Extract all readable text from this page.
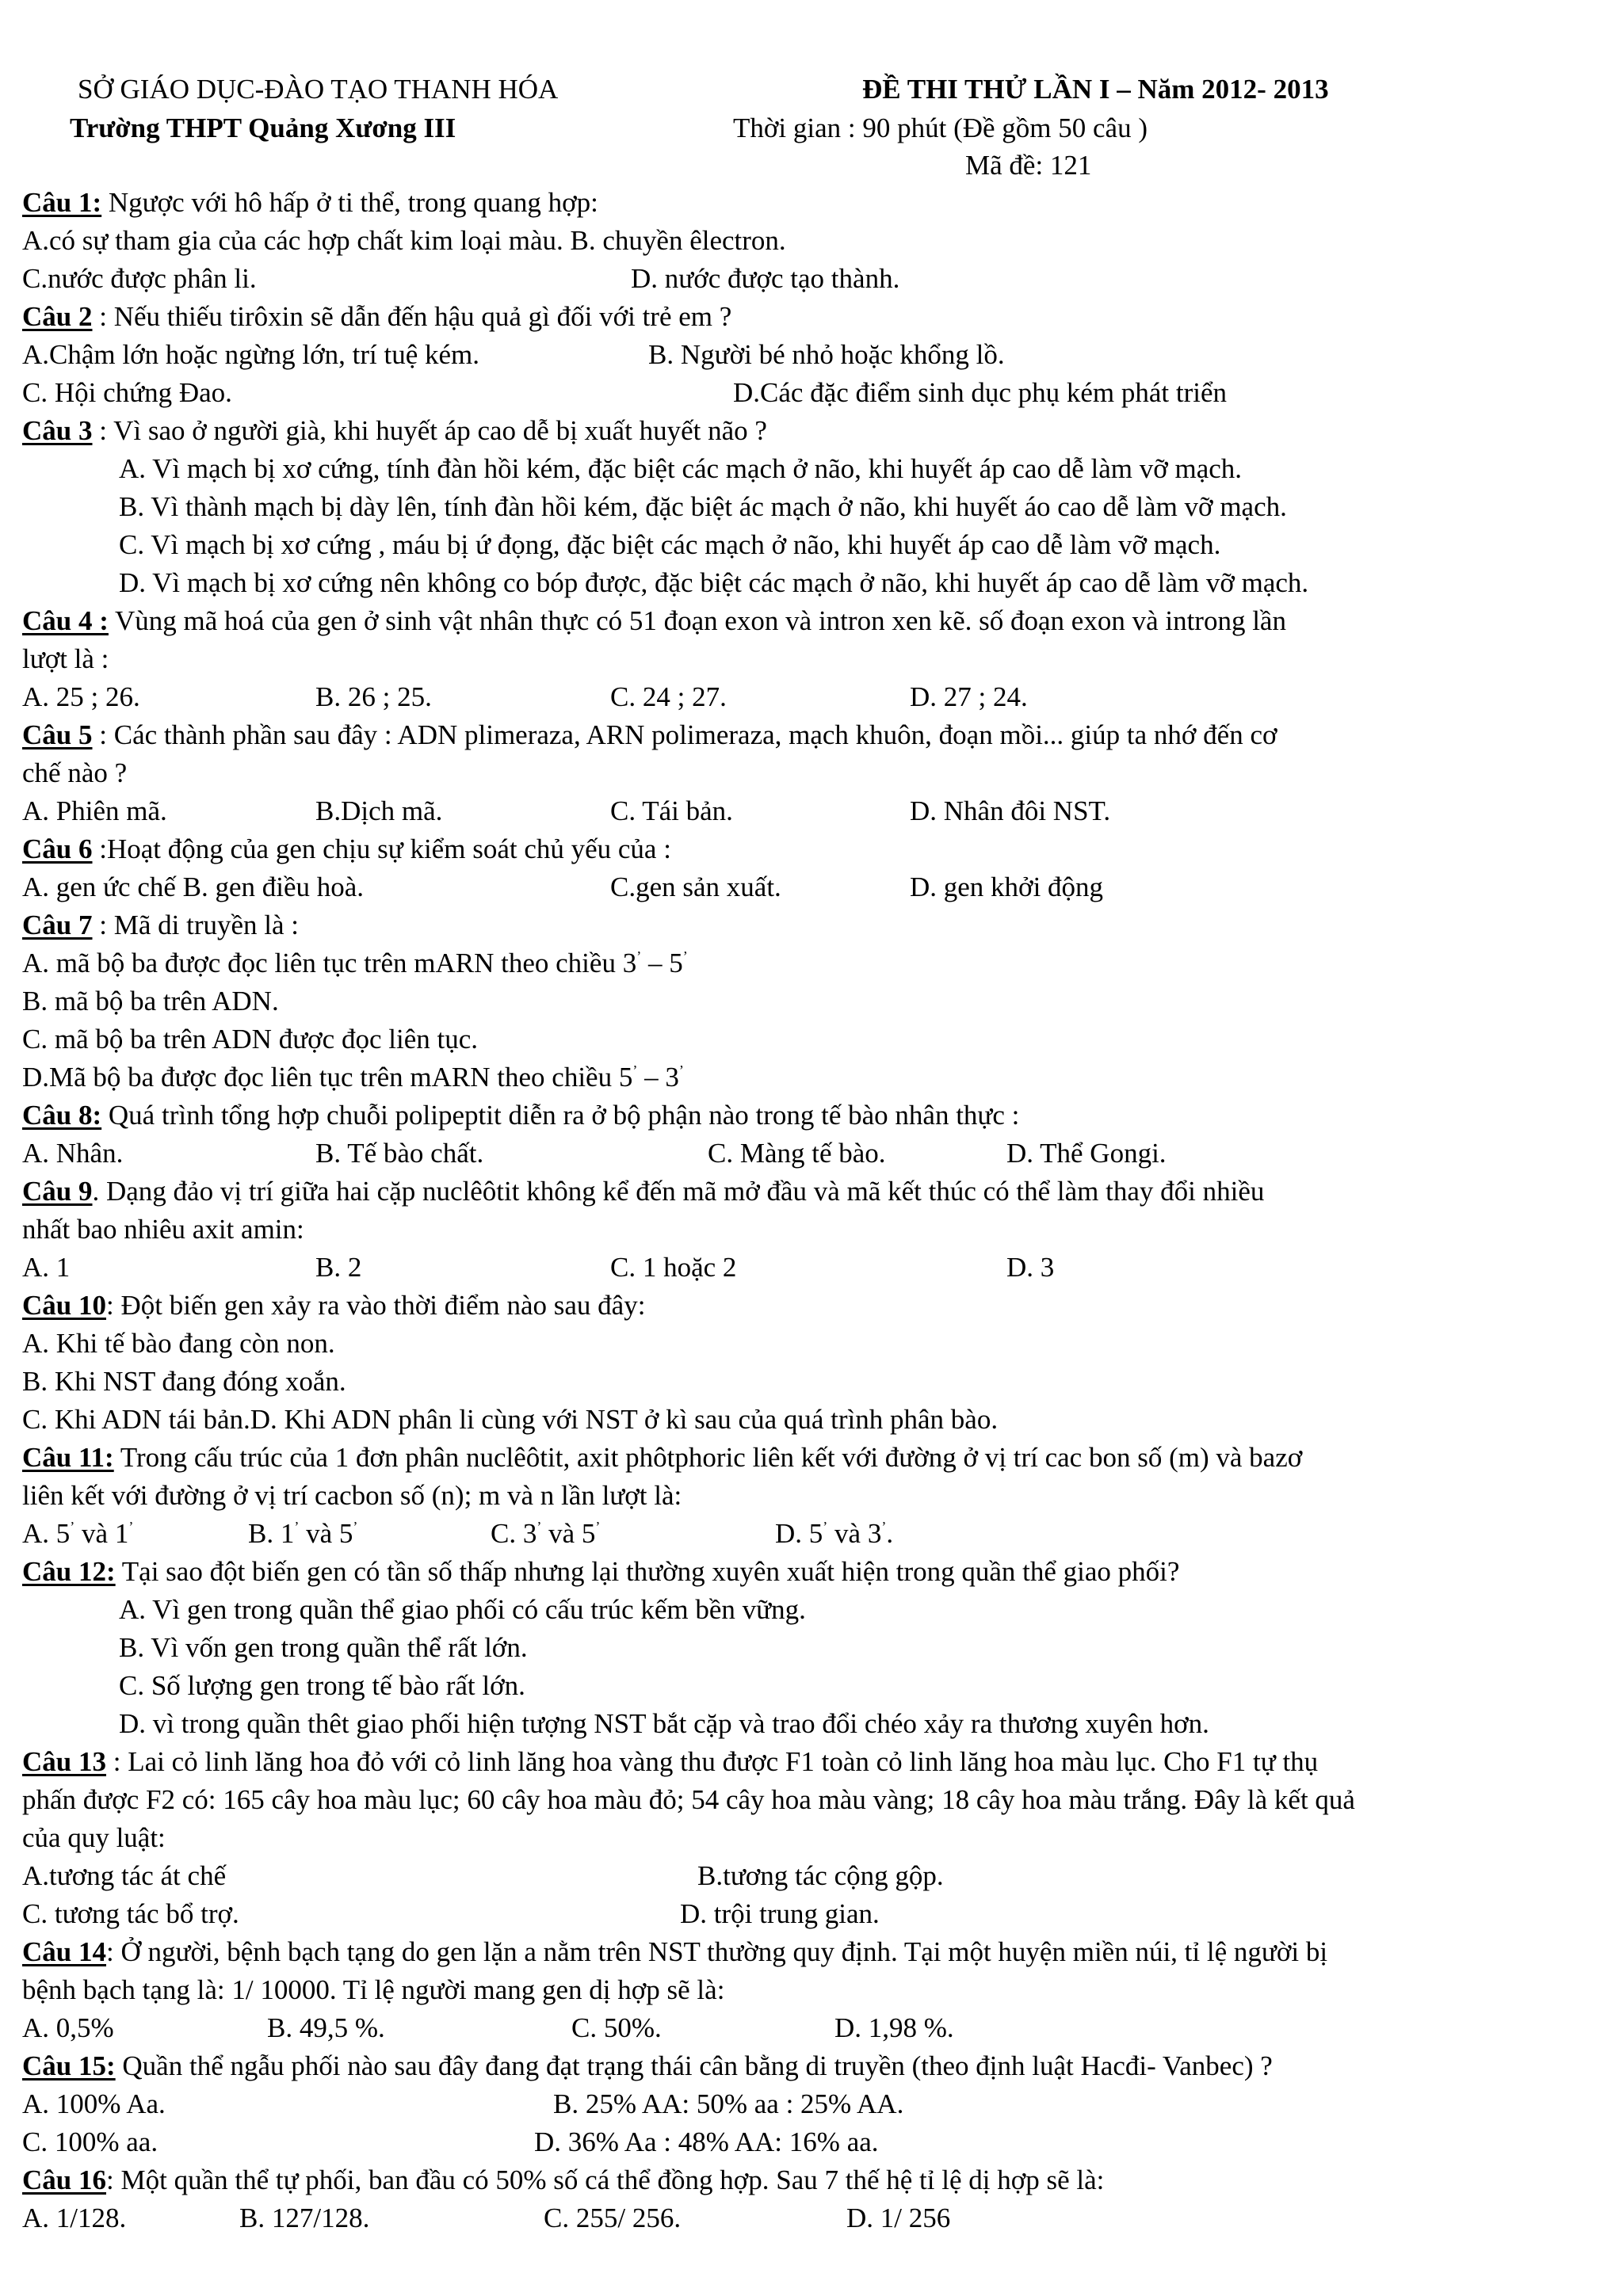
SỞ GIÁO DỤC-ĐÀO TẠO THANH HÓA
Trường THPT Quảng Xương III
ĐỀ THI THỬ LẦN I – Năm 2012- 2013
Thời gian : 90 phút (Đề gồm 50 câu )
Mã đề: 121
Câu 1: Ngược với hô hấp ở ti thể, trong quang hợp:
A.có sự tham gia của các hợp chất kim loại màu. B. chuyền êlectron.
C.nước được phân li.	D. nước được tạo thành.
Câu 2 : Nếu thiếu tirôxin sẽ dẫn đến hậu quả gì đối với trẻ em ?
A.Chậm lớn hoặc ngừng lớn, trí tuệ kém.	B. Người bé nhỏ hoặc khổng lồ.
C. Hội chứng Đao.	D.Các đặc điểm sinh dục phụ kém phát triển
Câu 3 : Vì sao ở người già, khi huyết áp cao dễ bị xuất huyết não ?
A. Vì mạch bị xơ cứng, tính đàn hồi kém, đặc biệt các mạch ở não, khi huyết áp cao dễ làm vỡ mạch.
B. Vì thành mạch bị dày lên, tính đàn hồi kém, đặc biệt ác mạch ở não, khi huyết áo cao dễ làm vỡ mạch.
C. Vì mạch bị xơ cứng , máu bị ứ đọng, đặc biệt các mạch ở não, khi huyết áp cao dễ làm vỡ mạch.
D. Vì mạch bị xơ cứng nên không co bóp được, đặc biệt các mạch ở não, khi huyết áp cao dễ làm vỡ mạch.
Câu 4 : Vùng mã hoá của gen ở sinh vật nhân thực có 51 đoạn exon và intron xen kẽ. số đoạn exon và introng lần
lượt là :
A. 25 ; 26.	B. 26 ; 25.	C. 24 ; 27.	D. 27 ; 24.
Câu 5 : Các thành phần sau đây : ADN plimeraza, ARN polimeraza, mạch khuôn, đoạn mồi... giúp ta nhớ đến cơ
chế nào ?
A. Phiên mã.	B.Dịch mã.	C. Tái bản.	D. Nhân đôi NST.
Câu 6 :Hoạt động của gen chịu sự kiểm soát chủ yếu của :
A. gen ức chế B. gen điều hoà.	C.gen sản xuất.	D. gen khởi động
Câu 7 : Mã di truyền là :
A. mã bộ ba được đọc liên tục trên mARN theo chiều 3’ – 5’
B. mã bộ ba trên ADN.
C. mã bộ ba trên ADN được đọc liên tục.
D.Mã bộ ba được đọc liên tục trên mARN theo chiều 5’ – 3’
Câu 8: Quá trình tổng hợp chuỗi polipeptit diễn ra ở bộ phận nào trong tế bào nhân thực :
A. Nhân.	B. Tế bào chất.	C. Màng tế bào.	D. Thể Gongi.
Câu 9. Dạng đảo vị trí giữa hai cặp nuclêôtit không kể đến mã mở đầu và mã kết thúc có thể làm thay đổi nhiều
nhất bao nhiêu axit amin:
A. 1	B. 2	C. 1 hoặc 2	D. 3
Câu 10: Đột biến gen xảy ra vào thời điểm nào sau đây:
A. Khi tế bào đang còn non.
B. Khi NST đang đóng xoắn.
C. Khi ADN tái bản.D. Khi ADN phân li cùng với NST ở kì sau của quá trình phân bào.
Câu 11: Trong cấu trúc của 1 đơn phân nuclêôtit, axit phôtphoric liên kết với đường ở vị trí cac bon số (m) và bazơ
liên kết với đường ở vị trí cacbon số (n); m và n lần lượt là:
A. 5’ và 1’	B. 1’ và 5’	C. 3’ và 5’	D. 5’ và 3’.
Câu 12: Tại sao đột biến gen có tần số thấp nhưng lại thường xuyên xuất hiện trong quần thể giao phối?
A. Vì gen trong quần thể giao phối có cấu trúc kếm bền vững.
B. Vì vốn gen trong quần thể rất lớn.
C. Số lượng gen trong tế bào rất lớn.
D. vì trong quần thêt giao phối hiện tượng NST bắt cặp và trao đổi chéo xảy ra thương xuyên hơn.
Câu 13 : Lai cỏ linh lăng hoa đỏ với cỏ linh lăng hoa vàng thu được F1 toàn cỏ linh lăng hoa màu lục. Cho F1 tự thụ
phấn được F2 có: 165 cây hoa màu lục; 60 cây hoa màu đỏ; 54 cây hoa màu vàng; 18 cây hoa màu trắng. Đây là kết quả
của quy luật:
A.tương tác át chế	B.tương tác cộng gộp.
C. tương tác bổ trợ.	D. trội trung gian.
Câu 14: Ở người, bệnh bạch tạng do gen lặn a nằm trên NST thường quy định. Tại một huyện miền núi, tỉ lệ người bị
bệnh bạch tạng là: 1/ 10000. Tỉ lệ người mang gen dị hợp sẽ là:
A. 0,5%	B. 49,5 %.	C. 50%.	D. 1,98 %.
Câu 15: Quần thể ngẫu phối nào sau đây đang đạt trạng thái cân bằng di truyền (theo định luật Hacđi- Vanbec) ?
A. 100% Aa.	B. 25% AA: 50% aa : 25% AA.
C. 100% aa.	D. 36% Aa : 48% AA: 16% aa.
Câu 16: Một quần thể tự phối, ban đầu có 50% số cá thể đồng hợp. Sau 7 thế hệ tỉ lệ dị hợp sẽ là:
A. 1/128.	B. 127/128.	C. 255/ 256.	D. 1/ 256
